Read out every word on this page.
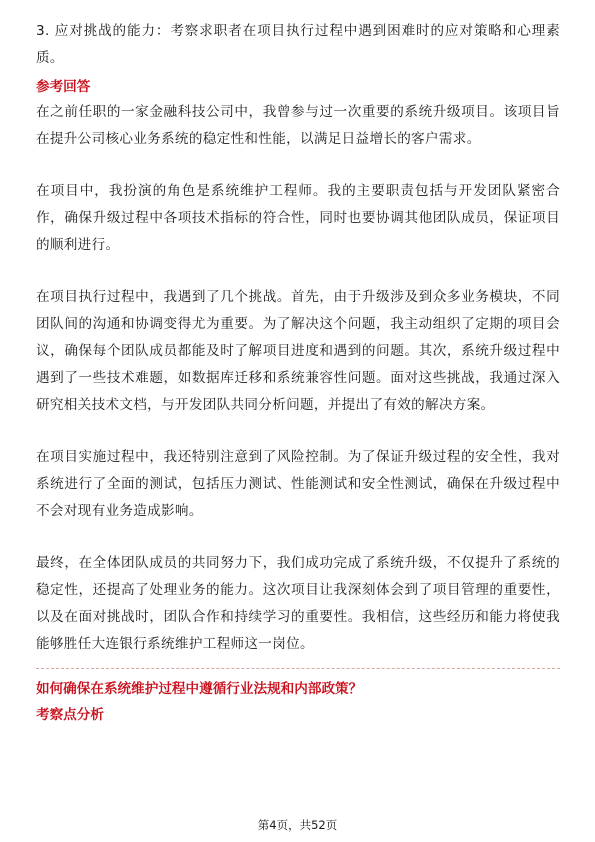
3. 应对挑战的能力：考察求职者在项目执行过程中遇到困难时的应对策略和心理素质。

参考回答

在之前任职的一家金融科技公司中，我曾参与过一次重要的系统升级项目。该项目旨在提升公司核心业务系统的稳定性和性能，以满足日益增长的客户需求。

在项目中，我扮演的角色是系统维护工程师。我的主要职责包括与开发团队紧密合作，确保升级过程中各项技术指标的符合性，同时也要协调其他团队成员，保证项目的顺利进行。

在项目执行过程中，我遇到了几个挑战。首先，由于升级涉及到众多业务模块，不同团队间的沟通和协调变得尤为重要。为了解决这个问题，我主动组织了定期的项目会议，确保每个团队成员都能及时了解项目进度和遇到的问题。其次，系统升级过程中遇到了一些技术难题，如数据库迁移和系统兼容性问题。面对这些挑战，我通过深入研究相关技术文档，与开发团队共同分析问题，并提出了有效的解决方案。

在项目实施过程中，我还特别注意到了风险控制。为了保证升级过程的安全性，我对系统进行了全面的测试，包括压力测试、性能测试和安全性测试，确保在升级过程中不会对现有业务造成影响。

最终，在全体团队成员的共同努力下，我们成功完成了系统升级，不仅提升了系统的稳定性，还提高了处理业务的能力。这次项目让我深刻体会到了项目管理的重要性，以及在面对挑战时，团队合作和持续学习的重要性。我相信，这些经历和能力将使我能够胜任大连银行系统维护工程师这一岗位。

如何确保在系统维护过程中遵循行业法规和内部政策？

考察点分析

第4页，共52页
